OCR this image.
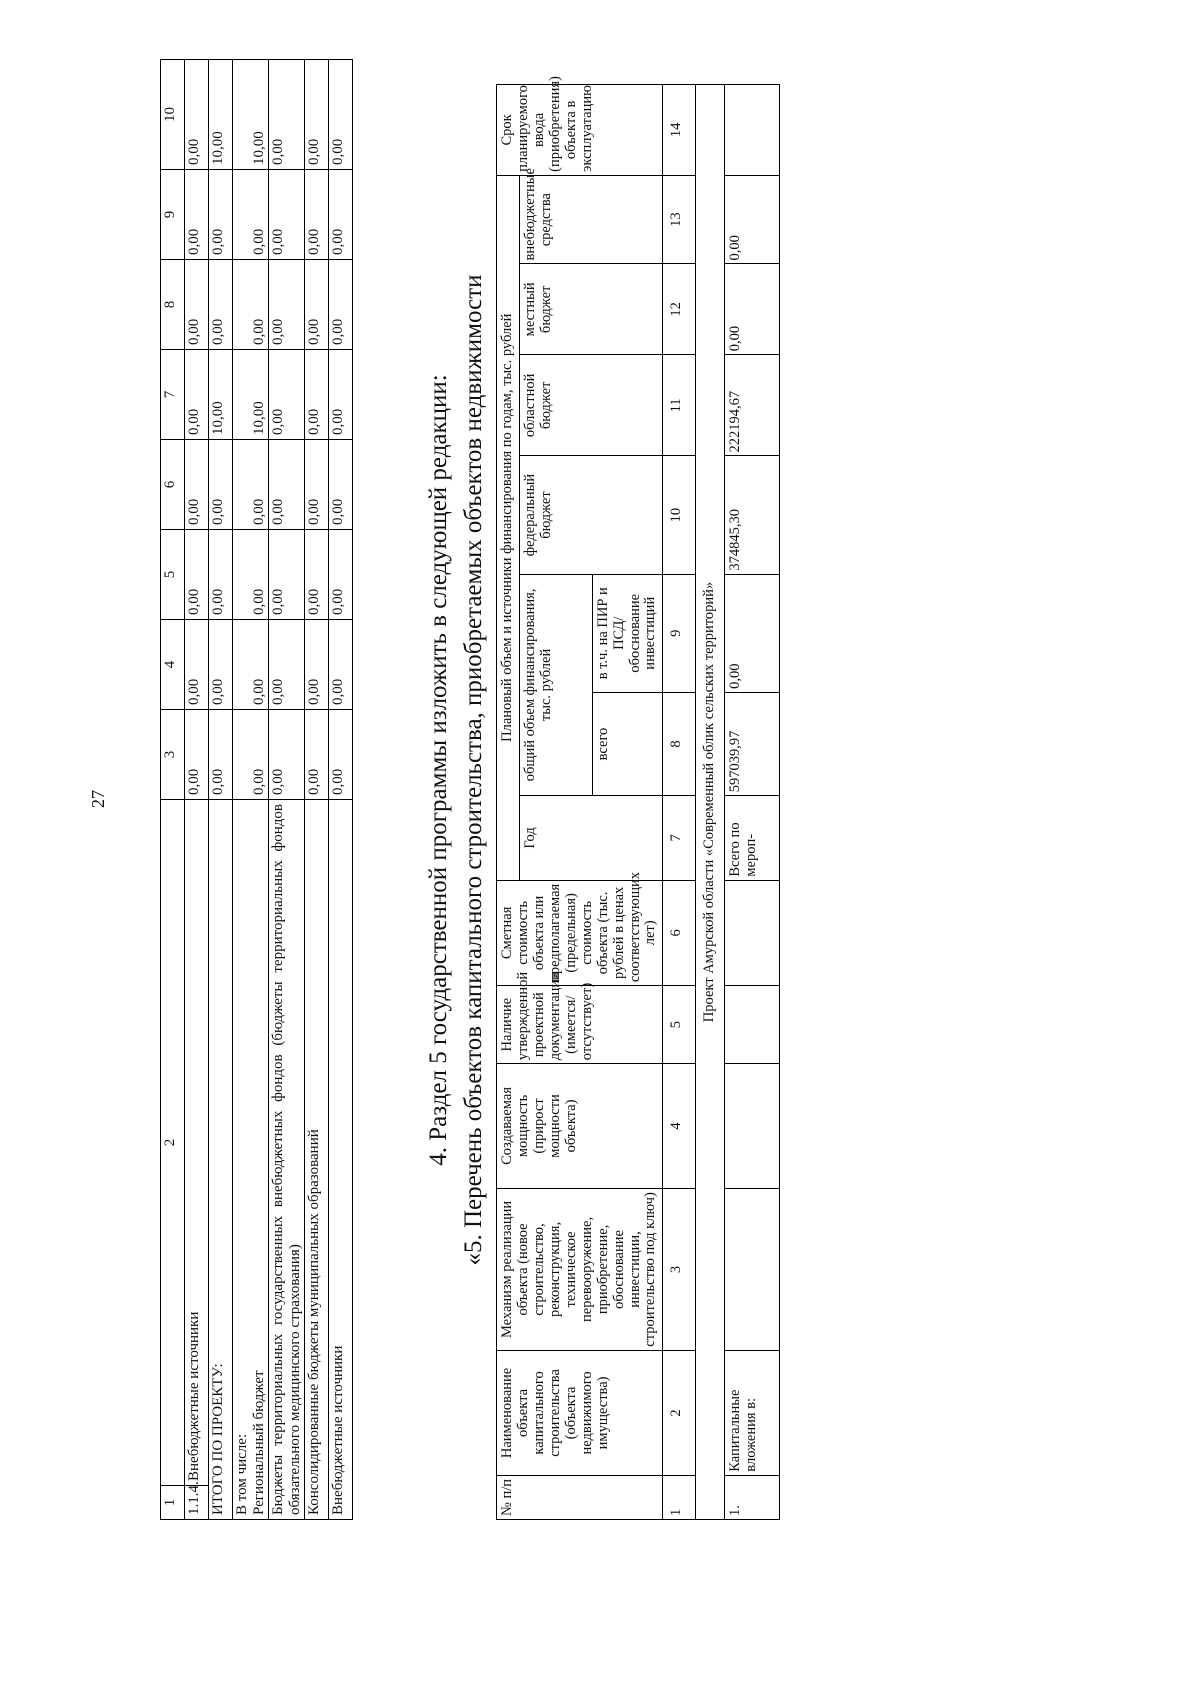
27
1	2	3	4	5	6	7	8	9	10
1.1.4.	Внебюджетные источники	0,00	0,00	0,00	0,00	0,00	0,00	0,00	0,00
ИТОГО ПО ПРОЕКТУ:		0,00	0,00	0,00	0,00	10,00	0,00	0,00	10,00
В том числе:
Региональный бюджет		0,00	0,00	0,00	0,00	10,00	0,00	0,00	10,00
Бюджеты территориальных государственных внебюджетных фондов (бюджеты территориальных фондов обязательного медицинского страхования)		0,00	0,00	0,00	0,00	0,00	0,00	0,00	0,00
Консолидированные бюджеты муниципальных образований		0,00	0,00	0,00	0,00	0,00	0,00	0,00	0,00
Внебюджетные источники		0,00	0,00	0,00	0,00	0,00	0,00	0,00	0,00
4. Раздел 5 государственной программы изложить в следующей редакции: «5. Перечень объектов капитального строительства, приобретаемых объектов недвижимости
№ п/п	Наименование объекта капитального строительства (объекта недвижимого имущества)	Механизм реализации объекта (новое строительство, реконструкция, техническое перевооружение, приобретение, обоснование инвестиции, строительство под ключ)	Создаваемая мощность (прирост мощности объекта)	Наличие утвержденной проектной документации (имеется/отсутствует)	Сметная стоимость объекта или предполагаемая (предельная) стоимость объекта (тыс. рублей в ценах соответствующих лет)	Плановый объем и источники финансирования по годам, тыс. рублей							Срок планируемого ввода (приобретения) объекта в эксплуатацию
						Год	общий объем финансирования, тыс. рублей		федеральный бюджет	областной бюджет	местный бюджет	внебюджетные средства	
							всего	в т.ч. на ПИР и ПСД/ обоснование инвестиций					
1	2	3	4	5	6	7	8	9	10	11	12	13	14
Проект Амурской области «Современный облик сельских территорий»													
1.	Капитальные вложения в:					Всего по мероп-	597039,97	0,00	374845,30	222194,67	0,00	0,00	
